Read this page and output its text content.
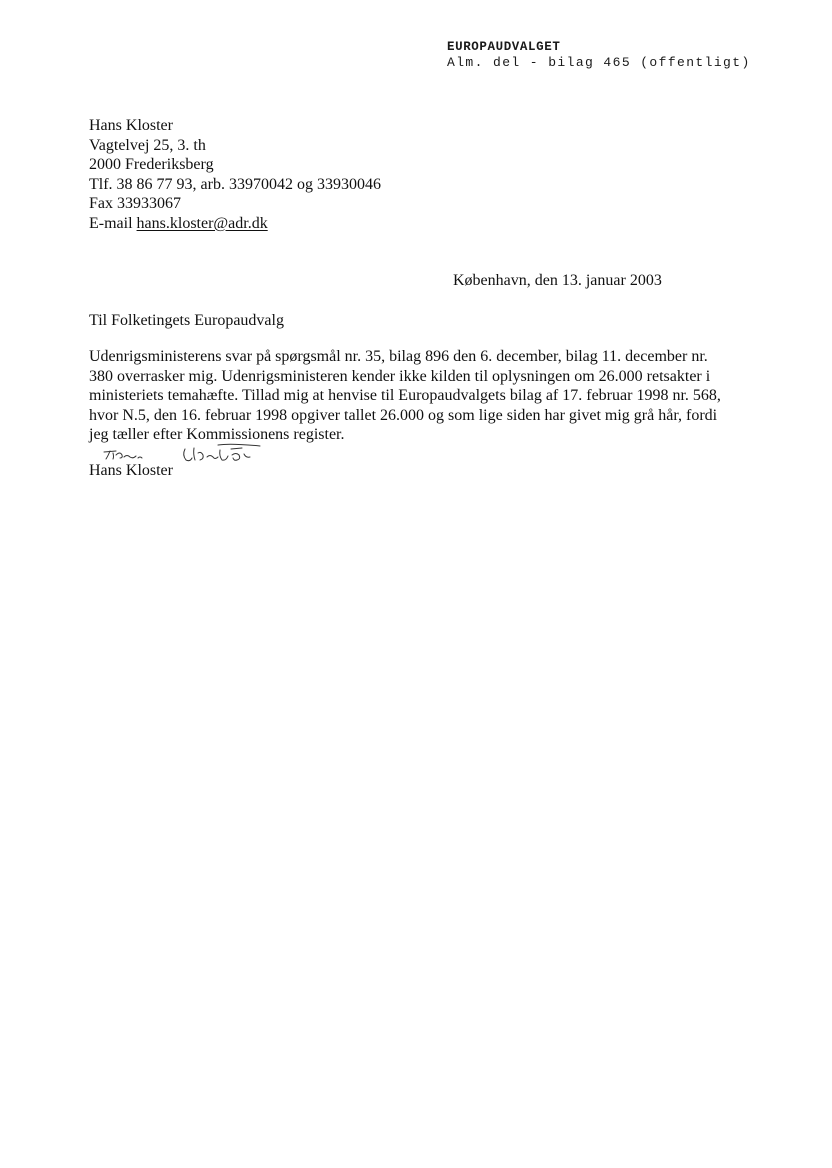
EUROPAUDVALGET
Alm. del - bilag 465 (offentligt)
Hans Kloster
Vagtelvej 25, 3. th
2000 Frederiksberg
Tlf. 38 86 77 93, arb. 33970042 og 33930046
Fax 33933067
E-mail hans.kloster@adr.dk
København, den 13. januar 2003
Til Folketingets Europaudvalg
Udenrigsministerens svar på spørgsmål nr. 35, bilag 896 den 6. december, bilag 11. december nr.
380 overrasker mig. Udenrigsministeren kender ikke kilden til oplysningen om 26.000 retsakter i
ministeriets temahæfte. Tillad mig at henvise til Europaudvalgets bilag af 17. februar 1998 nr. 568,
hvor N.5, den 16. februar 1998 opgiver tallet 26.000 og som lige siden har givet mig grå hår, fordi
jeg tæller efter Kommissionens register.
Hans Kloster
